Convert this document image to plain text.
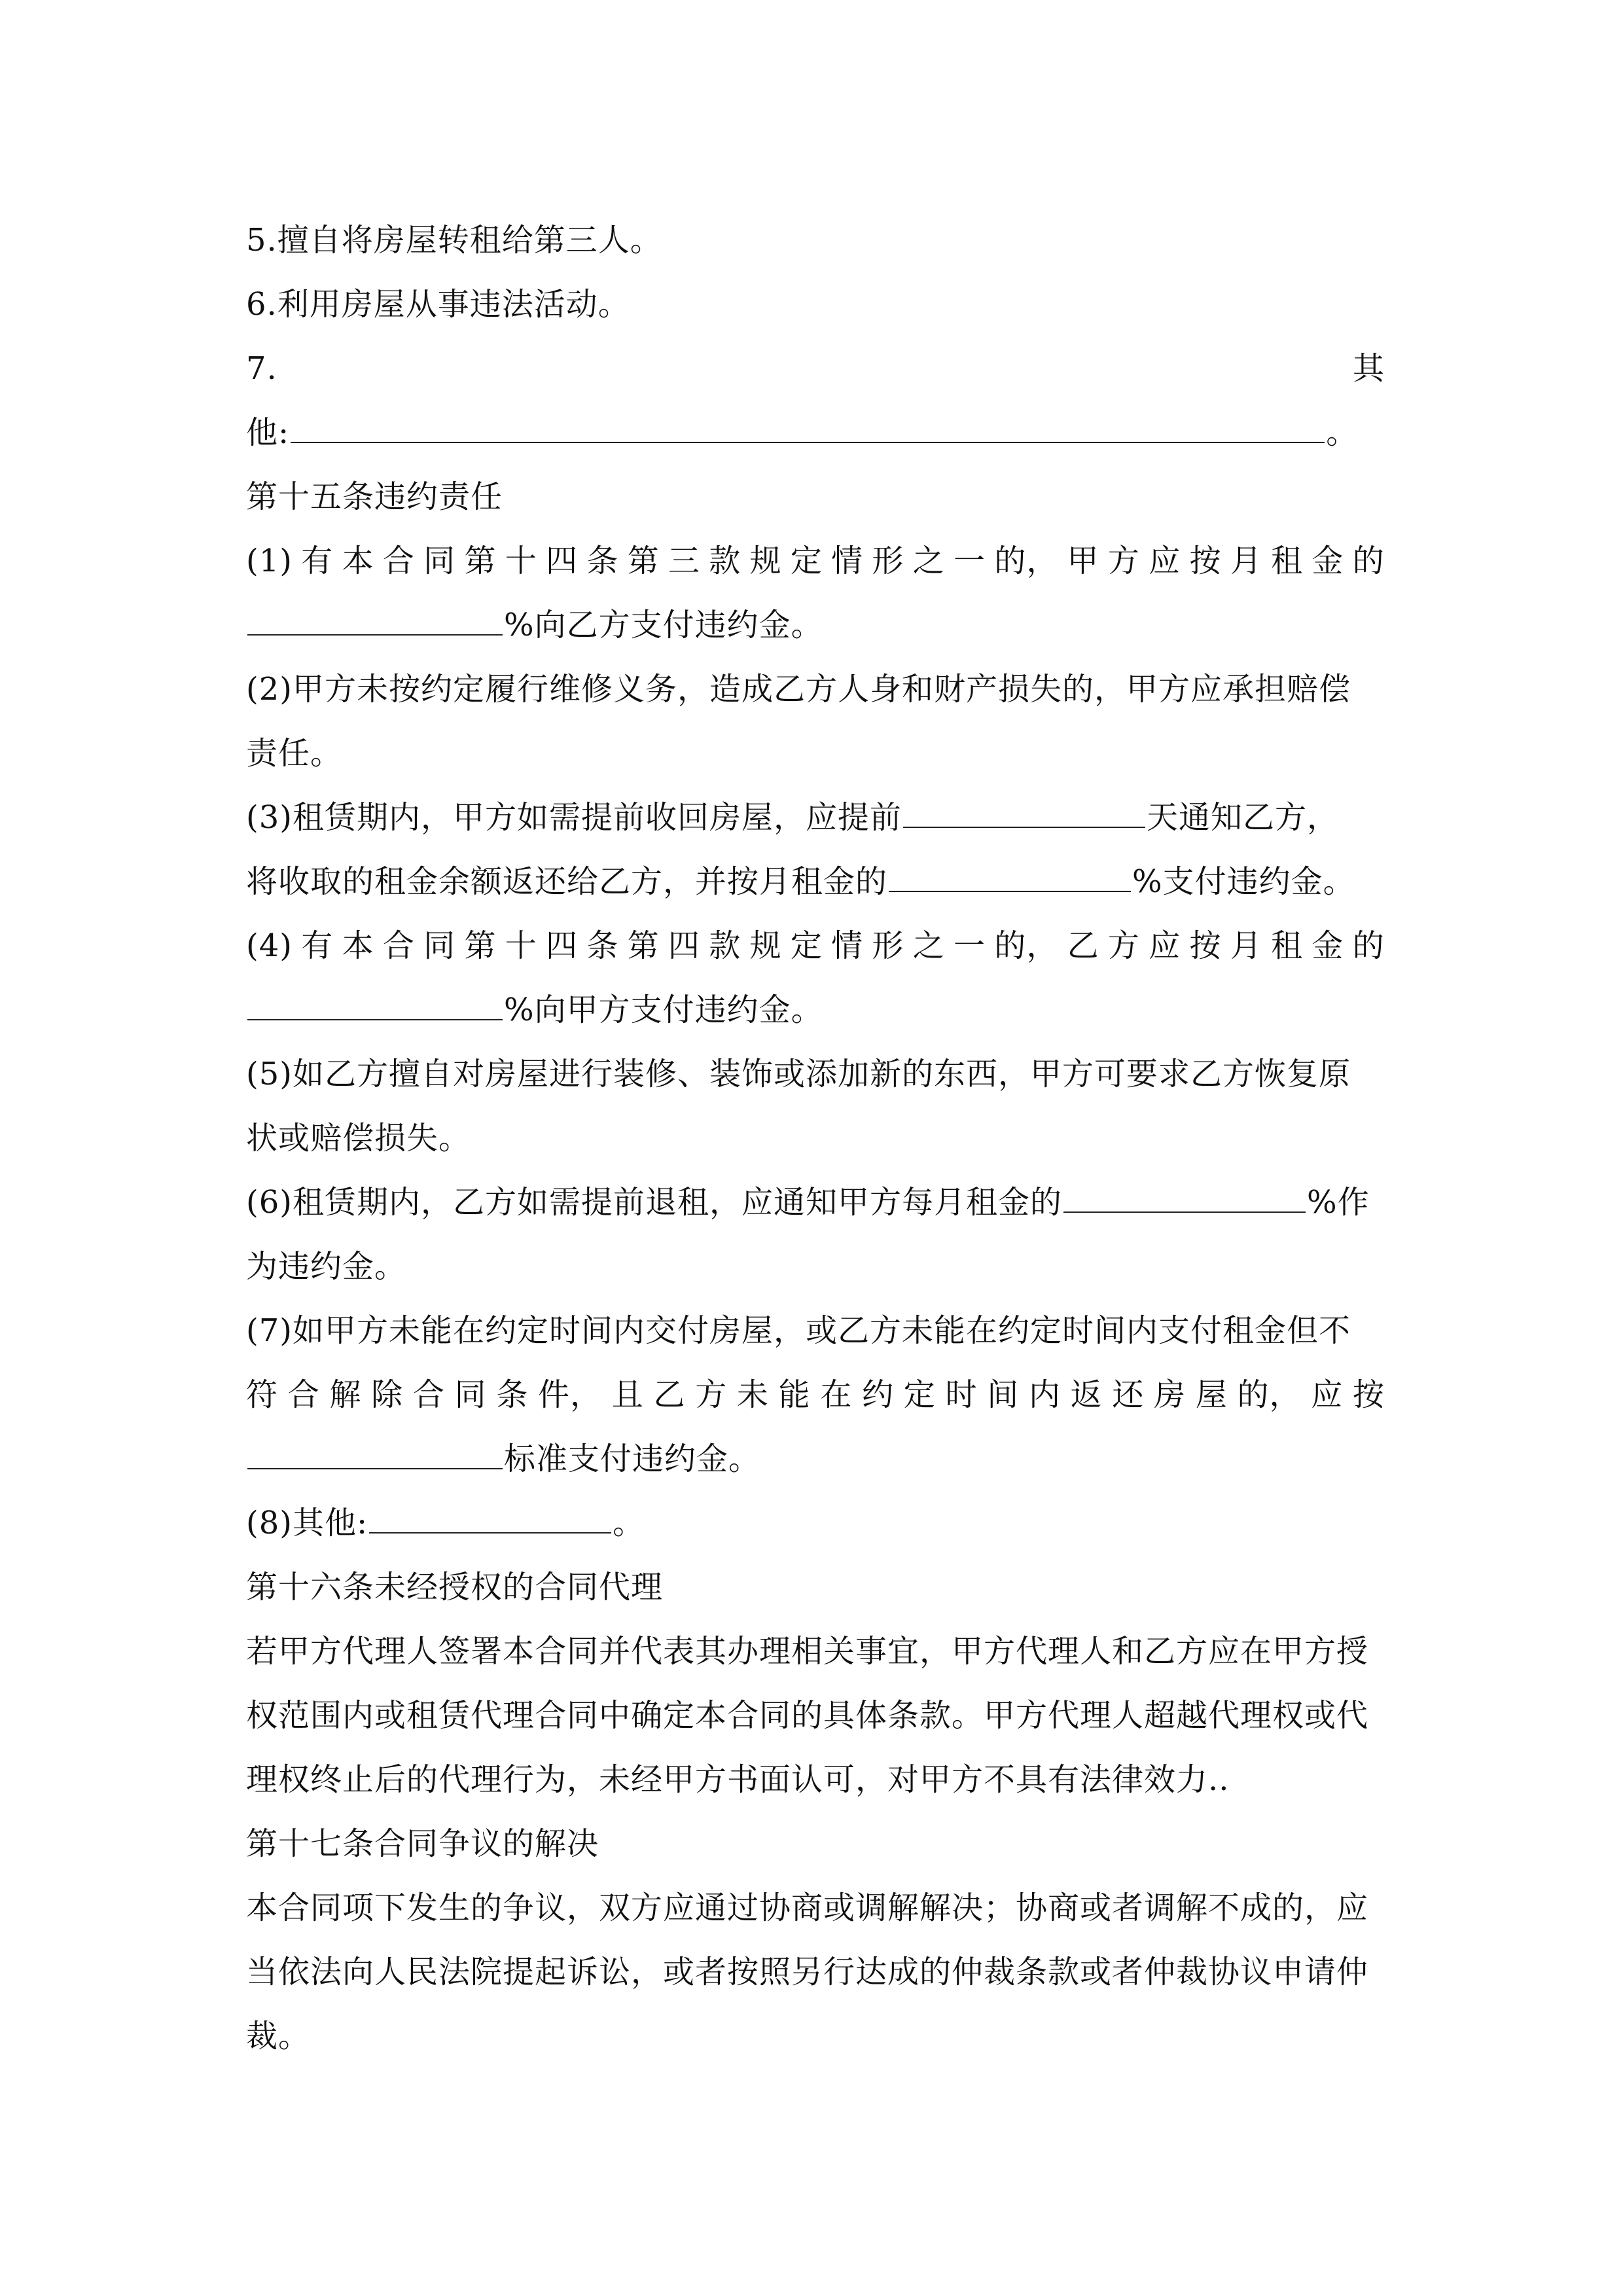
5.擅自将房屋转租给第三人。
6.利用房屋从事违法活动。
7.	其
他:	。
第十五条违约责任
(1) 有 本 合 同 第 十 四 条 第 三 款 规 定 情 形 之 一 的， 甲 方 应 按 月 租 金 的
%向乙方支付违约金。
(2)甲方未按约定履行维修义务，造成乙方人身和财产损失的，甲方应承担赔偿
责任。
(3)租赁期内，甲方如需提前收回房屋，应提前	天通知乙方，
将收取的租金余额返还给乙方，并按月租金的	%支付违约金。
(4) 有 本 合 同 第 十 四 条 第 四 款 规 定 情 形 之 一 的， 乙 方 应 按 月 租 金 的
%向甲方支付违约金。
(5)如乙方擅自对房屋进行装修、装饰或添加新的东西，甲方可要求乙方恢复原
状或赔偿损失。
(6)租赁期内，乙方如需提前退租，应通知甲方每月租金的	%作
为违约金。
(7)如甲方未能在约定时间内交付房屋，或乙方未能在约定时间内支付租金但不
符 合 解 除 合 同 条 件， 且 乙 方 未 能 在 约 定 时 间 内 返 还 房 屋 的， 应 按
标准支付违约金。
(8)其他:	。
第十六条未经授权的合同代理
若甲方代理人签署本合同并代表其办理相关事宜，甲方代理人和乙方应在甲方授
权范围内或租赁代理合同中确定本合同的具体条款。甲方代理人超越代理权或代
理权终止后的代理行为，未经甲方书面认可，对甲方不具有法律效力..
第十七条合同争议的解决
本合同项下发生的争议，双方应通过协商或调解解决；协商或者调解不成的，应
当依法向人民法院提起诉讼，或者按照另行达成的仲裁条款或者仲裁协议申请仲
裁。
